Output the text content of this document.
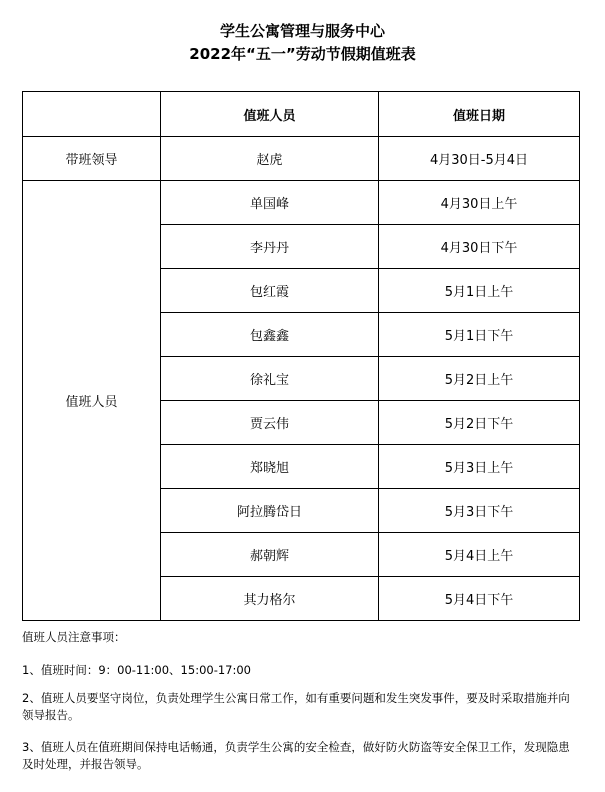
学生公寓管理与服务中心
2022年“五一”劳动节假期值班表
	值班人员	值班日期
带班领导	赵虎	4月30日-5月4日
值班人员	单国峰	4月30日上午
	李丹丹	4月30日下午
	包红霞	5月1日上午
	包鑫鑫	5月1日下午
	徐礼宝	5月2日上午
	贾云伟	5月2日下午
	郑晓旭	5月3日上午
	阿拉腾岱日	5月3日下午
	郝朝辉	5月4日上午
	其力格尔	5月4日下午
值班人员注意事项：
1、值班时间：9：00-11:00、15:00-17:00
2、值班人员要坚守岗位，负责处理学生公寓日常工作，如有重要问题和发生突发事件，要及时采取措施并向领导报告。
3、值班人员在值班期间保持电话畅通，负责学生公寓的安全检查，做好防火防盗等安全保卫工作，发现隐患及时处理，并报告领导。
